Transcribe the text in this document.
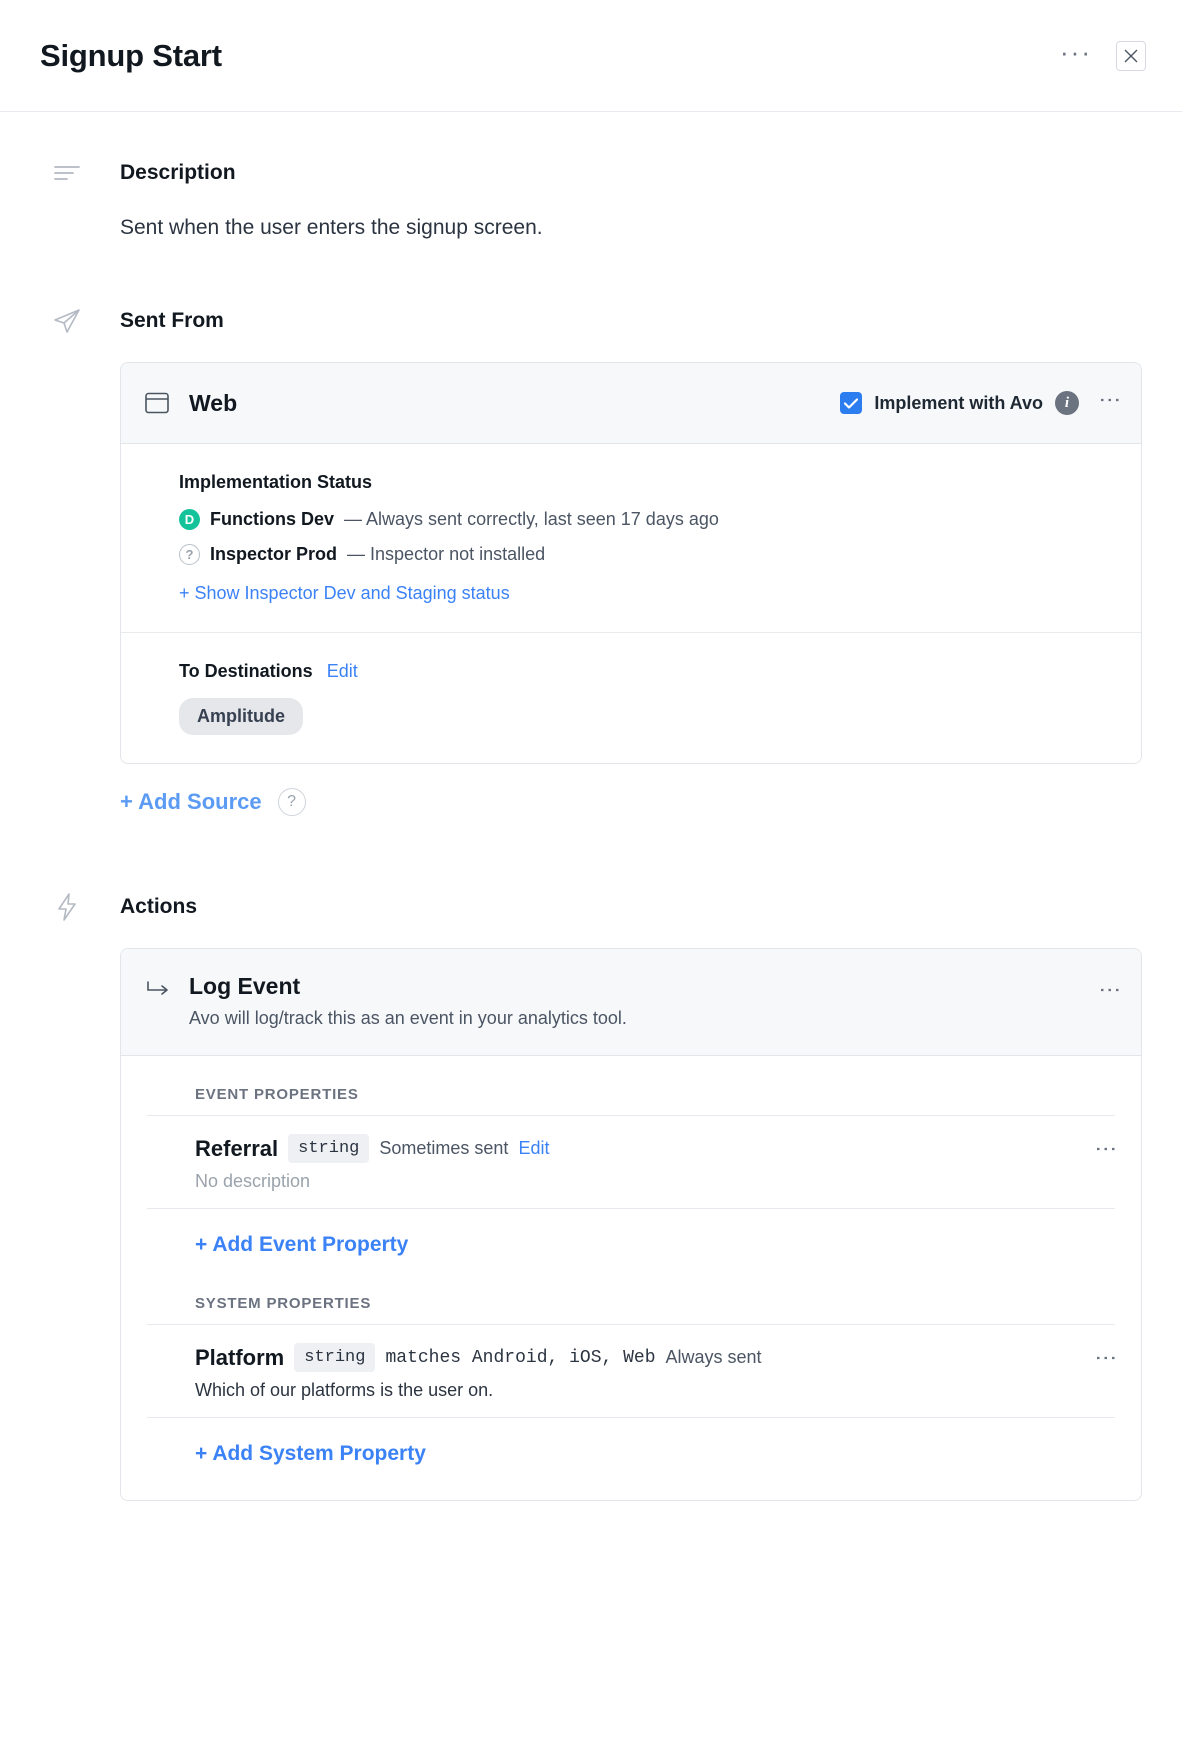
Signup Start	···
Description
Sent when the user enters the signup screen.
Sent From
Web	Implement with Avo	i	⋮
Implementation Status
D Functions Dev — Always sent correctly, last seen 17 days ago
? Inspector Prod — Inspector not installed
+ Show Inspector Dev and Staging status
To Destinations Edit
Amplitude
+ Add Source	?
Actions
Log Event
Avo will log/track this as an event in your analytics tool.
⋮
EVENT PROPERTIES
Referral	string	Sometimes sent Edit
No description
⋮
+ Add Event Property
SYSTEM PROPERTIES
Platform	string	matches Android, iOS, Web Always sent
Which of our platforms is the user on.
⋮
+ Add System Property
